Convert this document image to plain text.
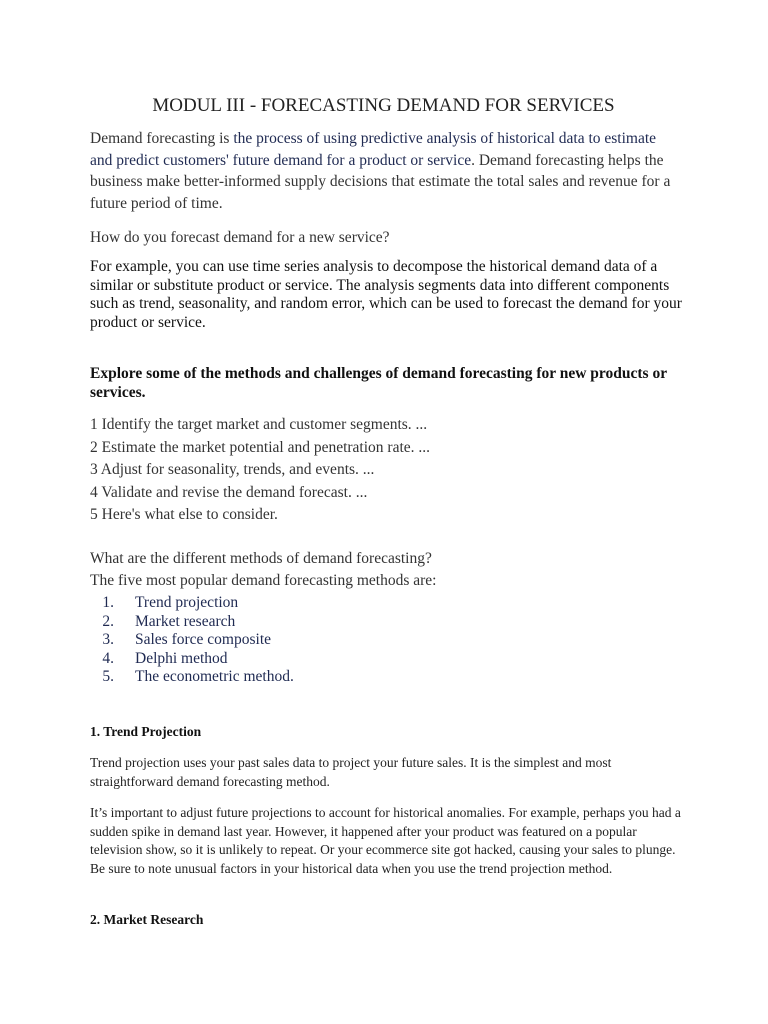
MODUL III - FORECASTING DEMAND FOR SERVICES

Demand forecasting is the process of using predictive analysis of historical data to estimate and predict customers' future demand for a product or service. Demand forecasting helps the business make better-informed supply decisions that estimate the total sales and revenue for a future period of time.

How do you forecast demand for a new service?

For example, you can use time series analysis to decompose the historical demand data of a similar or substitute product or service. The analysis segments data into different components such as trend, seasonality, and random error, which can be used to forecast the demand for your product or service.

Explore some of the methods and challenges of demand forecasting for new products or services.

1 Identify the target market and customer segments. ...
2 Estimate the market potential and penetration rate. ...
3 Adjust for seasonality, trends, and events. ...
4 Validate and revise the demand forecast. ...
5 Here's what else to consider.

What are the different methods of demand forecasting?

The five most popular demand forecasting methods are:

1. Trend projection
2. Market research
3. Sales force composite
4. Delphi method
5. The econometric method.
1. Trend Projection

Trend projection uses your past sales data to project your future sales. It is the simplest and most straightforward demand forecasting method.

It’s important to adjust future projections to account for historical anomalies. For example, perhaps you had a sudden spike in demand last year. However, it happened after your product was featured on a popular television show, so it is unlikely to repeat. Or your ecommerce site got hacked, causing your sales to plunge. Be sure to note unusual factors in your historical data when you use the trend projection method.

2. Market Research
